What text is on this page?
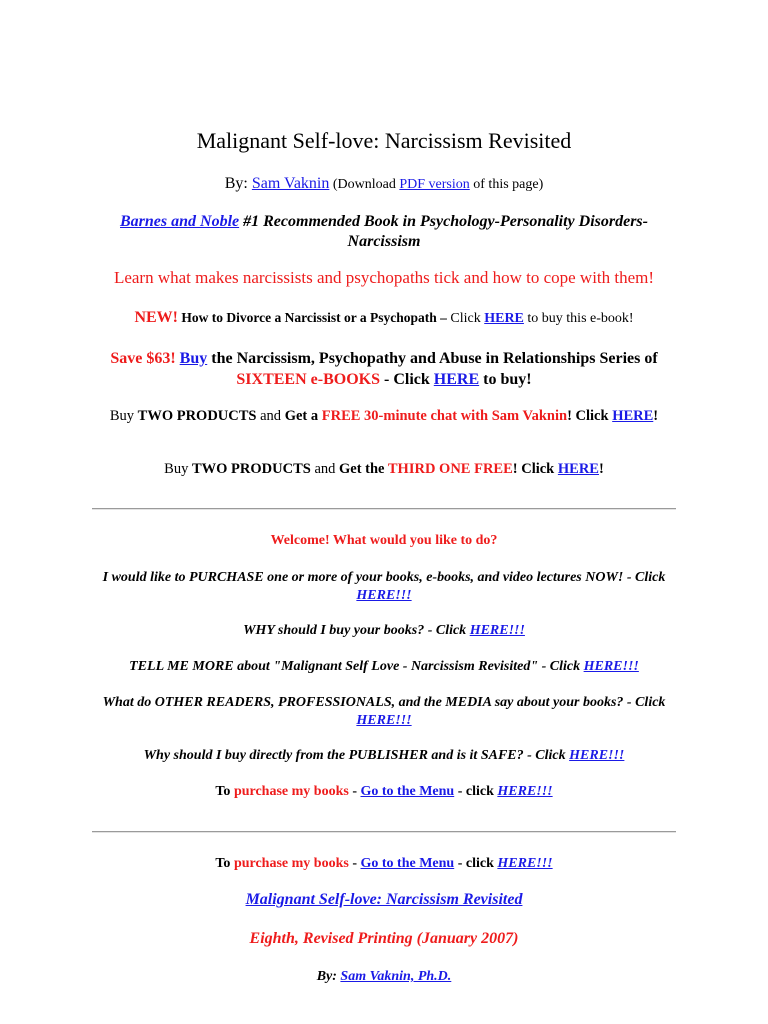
Malignant Self-love: Narcissism Revisited

By: Sam Vaknin (Download PDF version of this page)

Barnes and Noble #1 Recommended Book in Psychology-Personality Disorders-Narcissism

Learn what makes narcissists and psychopaths tick and how to cope with them!

NEW! How to Divorce a Narcissist or a Psychopath – Click HERE to buy this e-book!

Save $63! Buy the Narcissism, Psychopathy and Abuse in Relationships Series of SIXTEEN e-BOOKS - Click HERE to buy!

Buy TWO PRODUCTS and Get a FREE 30-minute chat with Sam Vaknin! Click HERE!

Buy TWO PRODUCTS and Get the THIRD ONE FREE! Click HERE!

Welcome! What would you like to do?

I would like to PURCHASE one or more of your books, e-books, and video lectures NOW! - Click HERE!!!

WHY should I buy your books? - Click HERE!!!

TELL ME MORE about "Malignant Self Love - Narcissism Revisited" - Click HERE!!!

What do OTHER READERS, PROFESSIONALS, and the MEDIA say about your books? - Click HERE!!!

Why should I buy directly from the PUBLISHER and is it SAFE? - Click HERE!!!

To purchase my books - Go to the Menu - click HERE!!!

To purchase my books - Go to the Menu - click HERE!!!

Malignant Self-love: Narcissism Revisited

Eighth, Revised Printing (January 2007)

By: Sam Vaknin, Ph.D.
